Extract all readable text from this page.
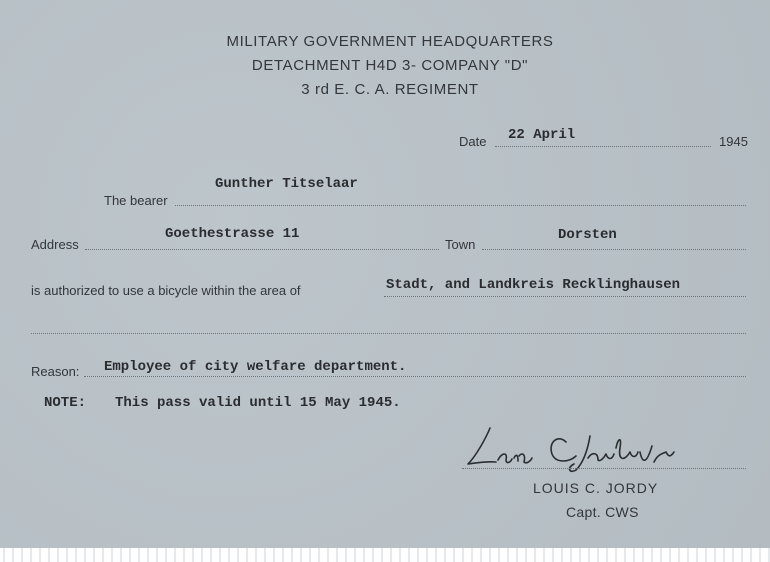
MILITARY GOVERNMENT HEADQUARTERS
DETACHMENT H4D 3- COMPANY "D"
3 rd E. C. A. REGIMENT
Date 22 April	1945
The bearer
Gunther Titselaar
Address
Goethestrasse 11
Town
Dorsten
is authorized to use a bicycle within the area of	Stadt, and Landkreis Recklinghausen
Reason: Employee of city welfare department.
NOTE: This pass valid until 15 May 1945.
LOUIS C. JORDY
Capt. CWS
